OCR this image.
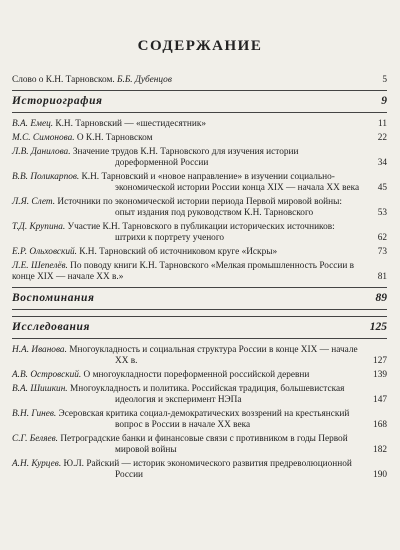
СОДЕРЖАНИЕ
Слово о К.Н. Тарновском. Б.Б. Дубенцов	5
Историография	9
В.А. Емец. К.Н. Тарновский — «шестидесятник»	11
М.С. Симонова. О К.Н. Тарновском	22
Л.В. Данилова. Значение трудов К.Н. Тарновского для изучения истории дореформенной России	34
В.В. Поликарпов. К.Н. Тарновский и «новое направление» в изучении социально-экономической истории России конца XIX — начала XX века	45
Л.Я. Слет. Источники по экономической истории периода Первой мировой войны: опыт издания под руководством К.Н. Тарновского	53
Т.Д. Крупина. Участие К.Н. Тарновского в публикации исторических источников: штрихи к портрету ученого	62
Е.Р. Ольховский. К.Н. Тарновский об источниковом круге «Искры»	73
Л.Е. Шепелёв. По поводу книги К.Н. Тарновского «Мелкая промышленность России в конце XIX — начале XX в.»	81
Воспоминания	89
Исследования	125
Н.А. Иванова. Многоукладность и социальная структура России в конце XIX — начале XX в.	127
А.В. Островский. О многоукладности пореформенной российской деревни	139
В.А. Шишкин. Многоукладность и политика. Российская традиция, большевистская идеология и эксперимент НЭПа	147
В.Н. Гинев. Эсеровская критика социал-демократических воззрений на крестьянский вопрос в России в начале XX века	168
С.Г. Беляев. Петроградские банки и финансовые связи с противником в годы Первой мировой войны	182
А.Н. Курцев. Ю.Л. Райский — историк экономического развития предреволюционной России	190
